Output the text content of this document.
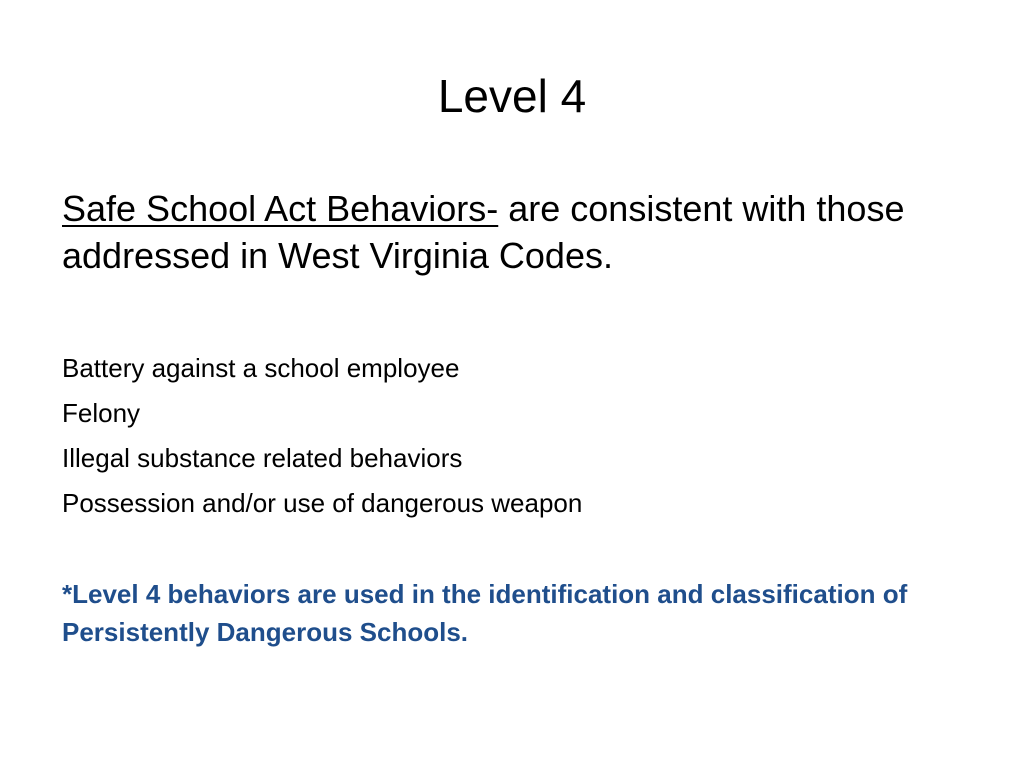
Level 4

Safe School Act Behaviors- are consistent with those addressed in West Virginia Codes.

Battery against a school employee
Felony
Illegal substance related behaviors
Possession and/or use of dangerous weapon

*Level 4 behaviors are used in the identification and classification of Persistently Dangerous Schools.
